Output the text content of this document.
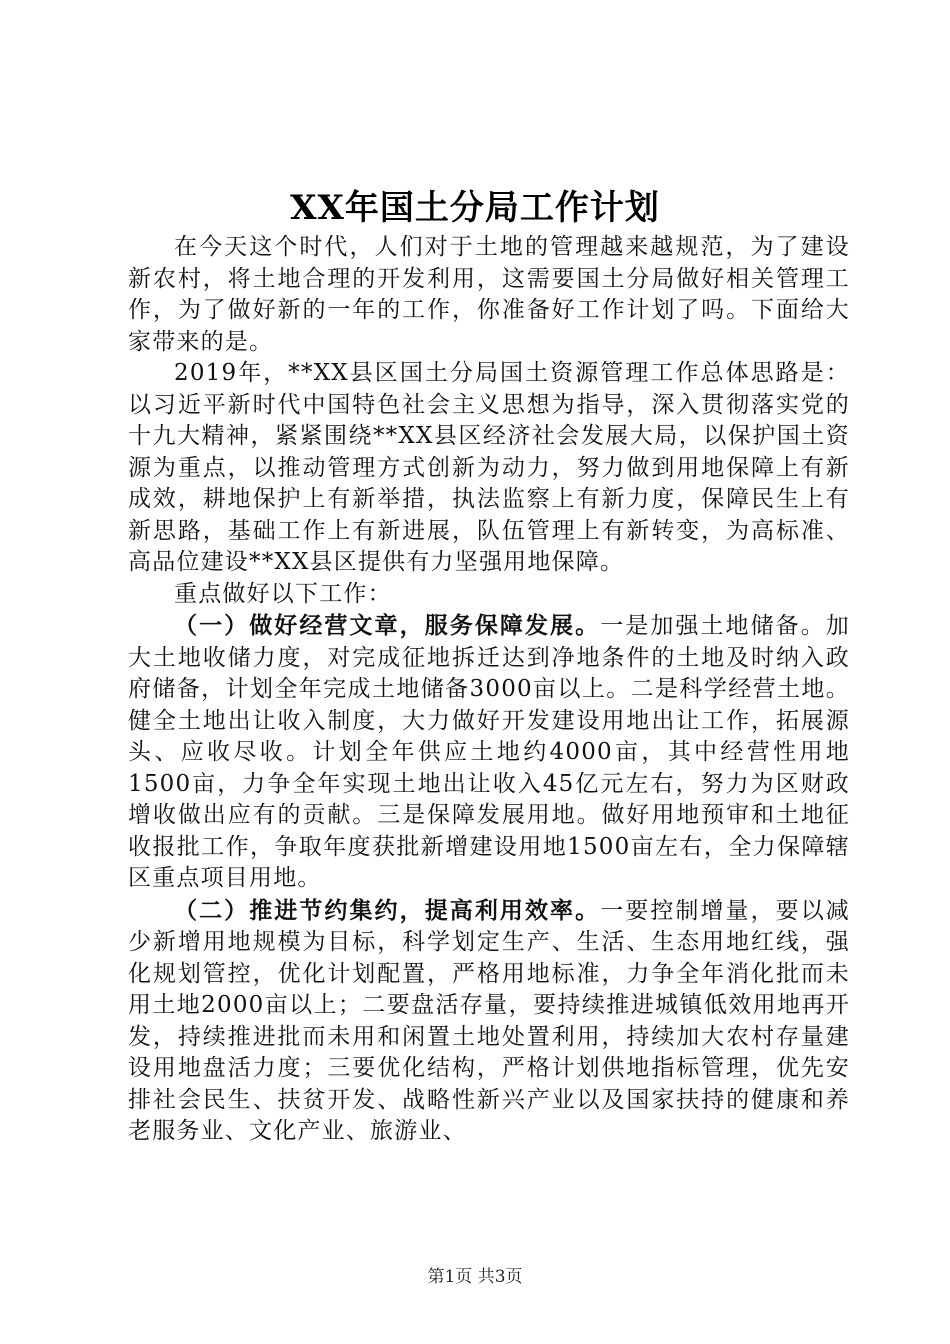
XX年国土分局工作计划

在今天这个时代，人们对于土地的管理越来越规范，为了建设新农村，将土地合理的开发利用，这需要国土分局做好相关管理工作，为了做好新的一年的工作，你准备好工作计划了吗。下面给大家带来的是。

2019年，**XX县区国土分局国土资源管理工作总体思路是：以习近平新时代中国特色社会主义思想为指导，深入贯彻落实党的十九大精神，紧紧围绕**XX县区经济社会发展大局，以保护国土资源为重点，以推动管理方式创新为动力，努力做到用地保障上有新成效，耕地保护上有新举措，执法监察上有新力度，保障民生上有新思路，基础工作上有新进展，队伍管理上有新转变，为高标准、高品位建设**XX县区提供有力坚强用地保障。

重点做好以下工作：

（一）做好经营文章，服务保障发展。一是加强土地储备。加大土地收储力度，对完成征地拆迁达到净地条件的土地及时纳入政府储备，计划全年完成土地储备3000亩以上。二是科学经营土地。健全土地出让收入制度，大力做好开发建设用地出让工作，拓展源头、应收尽收。计划全年供应土地约4000亩，其中经营性用地1500亩，力争全年实现土地出让收入45亿元左右，努力为区财政增收做出应有的贡献。三是保障发展用地。做好用地预审和土地征收报批工作，争取年度获批新增建设用地1500亩左右，全力保障辖区重点项目用地。

（二）推进节约集约，提高利用效率。一要控制增量，要以减少新增用地规模为目标，科学划定生产、生活、生态用地红线，强化规划管控，优化计划配置，严格用地标准，力争全年消化批而未用土地2000亩以上；二要盘活存量，要持续推进城镇低效用地再开发，持续推进批而未用和闲置土地处置利用，持续加大农村存量建设用地盘活力度；三要优化结构，严格计划供地指标管理，优先安排社会民生、扶贫开发、战略性新兴产业以及国家扶持的健康和养老服务业、文化产业、旅游业、

第1页 共3页
